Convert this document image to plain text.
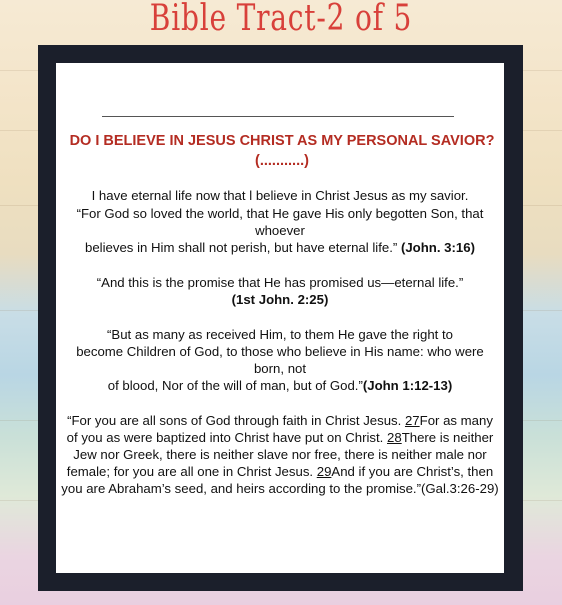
Bible Tract-2 of 5
DO I BELIEVE IN JESUS CHRIST AS MY PERSONAL SAVIOR?
(...........)
I have eternal life now that l believe in Christ Jesus as my savior.
“For God so loved the world, that He gave His only begotten Son, that
whoever
believes in Him shall not perish, but have eternal life.” (John. 3:16)
“And this is the promise that He has promised us—eternal life.”
(1st John. 2:25)
“But as many as received Him, to them He gave the right to
become Children of God, to those who believe in His name: who were
born, not
of blood, Nor of the will of man, but of God.”(John 1:12-13)
“For you are all sons of God through faith in Christ Jesus. 27For as many
of you as were baptized into Christ have put on Christ. 28There is neither
Jew nor Greek, there is neither slave nor free, there is neither male nor
female; for you are all one in Christ Jesus. 29And if you are Christ’s, then
you are Abraham’s seed, and heirs according to the promise.”(Gal.3:26-29)
